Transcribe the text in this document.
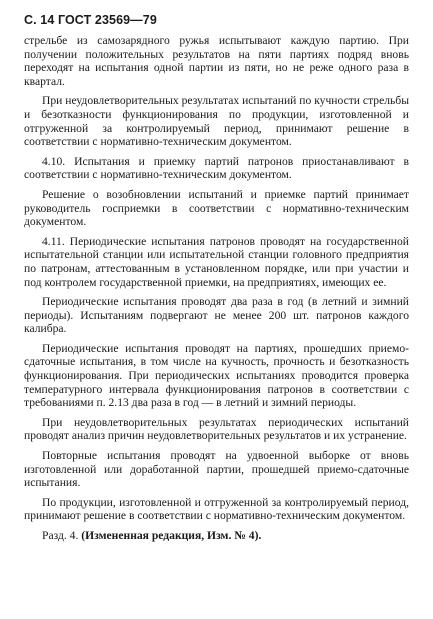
С. 14 ГОСТ 23569—79

стрельбе из самозарядного ружья испытывают каждую партию. При получении положительных результатов на пяти партиях подряд вновь переходят на испытания одной партии из пяти, но не реже одного раза в квартал.

При неудовлетворительных результатах испытаний по кучности стрельбы и безотказности функционирования по продукции, изготовленной и отгруженной за контролируемый период, принимают решение в соответствии с нормативно-техническим документом.

4.10. Испытания и приемку партий патронов приостанавливают в соответствии с нормативно-техническим документом.

Решение о возобновлении испытаний и приемке партий принимает руководитель госприемки в соответствии с нормативно-техническим документом.

4.11. Периодические испытания патронов проводят на государственной испытательной станции или испытательной станции головного предприятия по патронам, аттестованным в установленном порядке, или при участии и под контролем государственной приемки, на предприятиях, имеющих ее.

Периодические испытания проводят два раза в год (в летний и зимний периоды). Испытаниям подвергают не менее 200 шт. патронов каждого калибра.

Периодические испытания проводят на партиях, прошедших приемо-сдаточные испытания, в том числе на кучность, прочность и безотказность функционирования. При периодических испытаниях проводится проверка температурного интервала функционирования патронов в соответствии с требованиями п. 2.13 два раза в год — в летний и зимний периоды.

При неудовлетворительных результатах периодических испытаний проводят анализ причин неудовлетворительных результатов и их устранение.

Повторные испытания проводят на удвоенной выборке от вновь изготовленной или доработанной партии, прошедшей приемо-сдаточные испытания.

По продукции, изготовленной и отгруженной за контролируемый период, принимают решение в соответствии с нормативно-техническим документом.

Разд. 4. (Измененная редакция, Изм. № 4).
